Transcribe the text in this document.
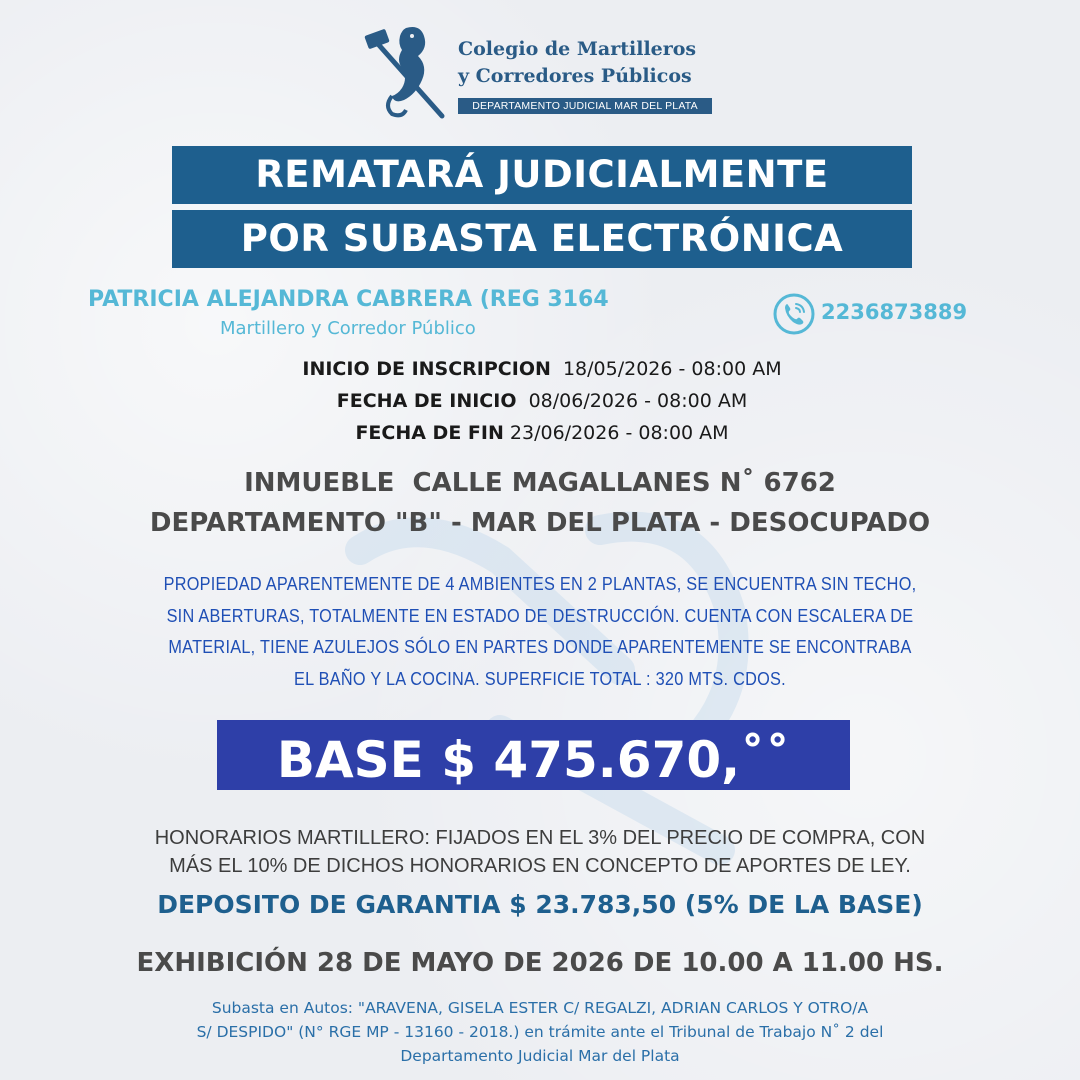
Colegio de Martilleros
y Corredores Públicos
DEPARTAMENTO JUDICIAL MAR DEL PLATA
REMATARÁ JUDICIALMENTE
POR SUBASTA ELECTRÓNICA
PATRICIA ALEJANDRA CABRERA (REG 3164
Martillero y Corredor Público
2236873889
INICIO DE INSCRIPCION 18/05/2026 - 08:00 AM
FECHA DE INICIO 08/06/2026 - 08:00 AM
FECHA DE FIN 23/06/2026 - 08:00 AM
INMUEBLE  CALLE MAGALLANES N˚ 6762
DEPARTAMENTO "B" - MAR DEL PLATA - DESOCUPADO
PROPIEDAD APARENTEMENTE DE 4 AMBIENTES EN 2 PLANTAS, SE ENCUENTRA SIN TECHO,
SIN ABERTURAS, TOTALMENTE EN ESTADO DE DESTRUCCIÓN. CUENTA CON ESCALERA DE
MATERIAL, TIENE AZULEJOS SÓLO EN PARTES DONDE APARENTEMENTE SE ENCONTRABA
EL BAÑO Y LA COCINA. SUPERFICIE TOTAL : 320 MTS. CDOS.
BASE $ 475.670,˚˚
HONORARIOS MARTILLERO: FIJADOS EN EL 3% DEL PRECIO DE COMPRA, CON
MÁS EL 10% DE DICHOS HONORARIOS EN CONCEPTO DE APORTES DE LEY.
DEPOSITO DE GARANTIA $ 23.783,50 (5% DE LA BASE)
EXHIBICIÓN 28 DE MAYO DE 2026 DE 10.00 A 11.00 HS.
Subasta en Autos: "ARAVENA, GISELA ESTER C/ REGALZI, ADRIAN CARLOS Y OTRO/A
S/ DESPIDO" (N° RGE MP - 13160 - 2018.) en trámite ante el Tribunal de Trabajo N˚ 2 del
Departamento Judicial Mar del Plata
